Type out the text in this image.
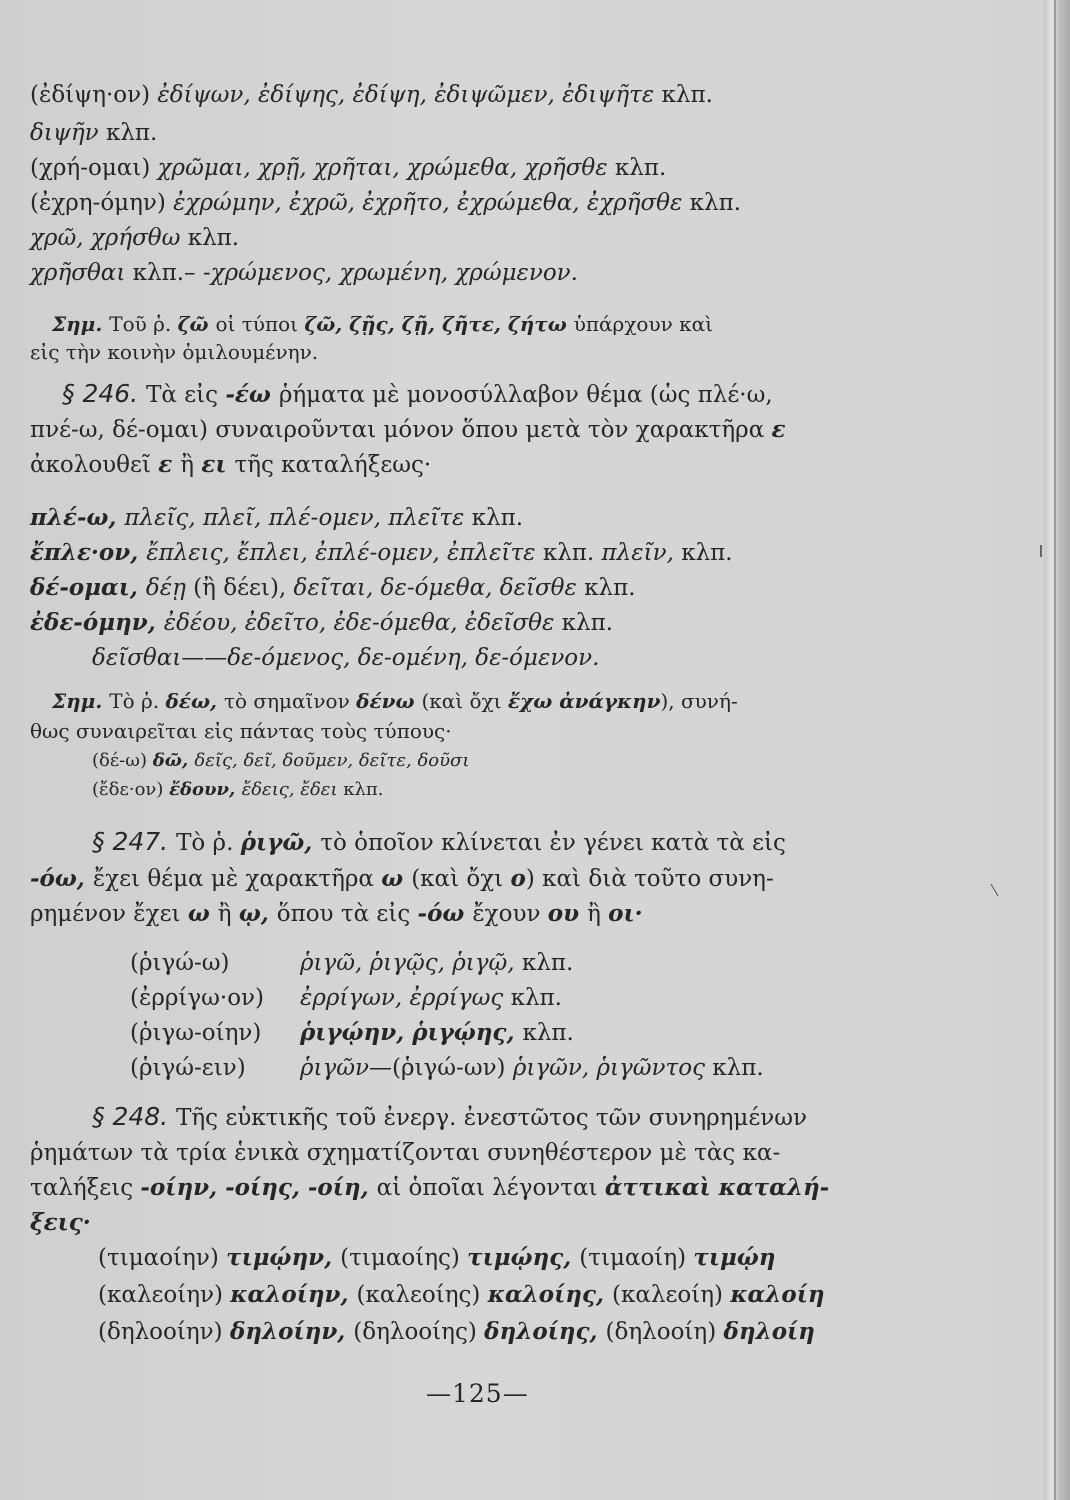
(ἐδίψη·ον) ἐδίψων, ἐδίψης, ἐδίψη, ἐδιψῶμεν, ἐδιψῆτε κλπ.
διψῆν κλπ.
(χρή-ομαι) χρῶμαι, χρῇ, χρῆται, χρώμεθα, χρῆσθε κλπ.
(ἐχρη-όμην) ἐχρώμην, ἐχρῶ, ἐχρῆτο, ἐχρώμεθα, ἐχρῆσθε κλπ.
χρῶ, χρήσθω κλπ.
χρῆσθαι κλπ.– -χρώμενος, χρωμένη, χρώμενον.
Σημ. Τοῦ ῥ. ζῶ οἱ τύποι ζῶ, ζῇς, ζῇ, ζῆτε, ζήτω ὑπάρχουν καὶ
εἰς τὴν κοινὴν ὁμιλουμένην.
§ 246. Τὰ εἰς -έω ῥήματα μὲ μονοσύλλαβον θέμα (ὡς πλέ·ω,
πνέ-ω, δέ-ομαι) συναιροῦνται μόνον ὅπου μετὰ τὸν χαρακτῆρα ε
ἀκολουθεῖ ε ἢ ει τῆς καταλήξεως·
πλέ-ω, πλεῖς, πλεῖ, πλέ-ομεν, πλεῖτε κλπ.
ἔπλε·ον, ἔπλεις, ἔπλει, ἐπλέ-ομεν, ἐπλεῖτε κλπ. πλεῖν, κλπ.
δέ-ομαι, δέῃ (ἢ δέει), δεῖται, δε-όμεθα, δεῖσθε κλπ.
ἐδε-όμην, ἐδέου, ἐδεῖτο, ἐδε-όμεθα, ἐδεῖσθε κλπ.
δεῖσθαι——δε-όμενος, δε-ομένη, δε-όμενον.
Σημ. Τὸ ῥ. δέω, τὸ σημαῖνον δένω (καὶ ὄχι ἔχω ἀνάγκην), συνή-
θως συναιρεῖται εἰς πάντας τοὺς τύπους·
(δέ-ω) δῶ, δεῖς, δεῖ, δοῦμεν, δεῖτε, δοῦσι
(ἔδε·ον) ἔδουν, ἔδεις, ἔδει κλπ.
§ 247. Τὸ ῥ. ῥιγῶ, τὸ ὁποῖον κλίνεται ἐν γένει κατὰ τὰ εἰς
-όω, ἔχει θέμα μὲ χαρακτῆρα ω (καὶ ὄχι ο) καὶ διὰ τοῦτο συνη-
ρημένον ἔχει ω ἢ ῳ, ὅπου τὰ εἰς -όω ἔχουν ου ἢ οι·
(ῥιγώ-ω)	ῥιγῶ, ῥιγῷς, ῥιγῷ, κλπ.
(ἐρρίγω·ον) ἐρρίγων, ἐρρίγως κλπ.
(ῥιγω-οίην) ῥιγῴην, ῥιγῴης, κλπ.
(ῥιγώ-ειν) ῥιγῶν—(ῥιγώ-ων) ῥιγῶν, ῥιγῶντος κλπ.
§ 248. Τῆς εὐκτικῆς τοῦ ἐνεργ. ἐνεστῶτος τῶν συνηρημένων
ῥημάτων τὰ τρία ἑνικὰ σχηματίζονται συνηθέστερον μὲ τὰς κα-
ταλήξεις -οίην, -οίης, -οίη, αἱ ὁποῖαι λέγονται ἀττικαὶ καταλή-
ξεις·
(τιμαοίην) τιμῴην, (τιμαοίης) τιμῴης, (τιμαοίη) τιμῴη
(καλεοίην) καλοίην, (καλεοίης) καλοίης, (καλεοίη) καλοίη
(δηλοοίην) δηλοίην, (δηλοοίης) δηλοίης, (δηλοοίη) δηλοίη
—125—
